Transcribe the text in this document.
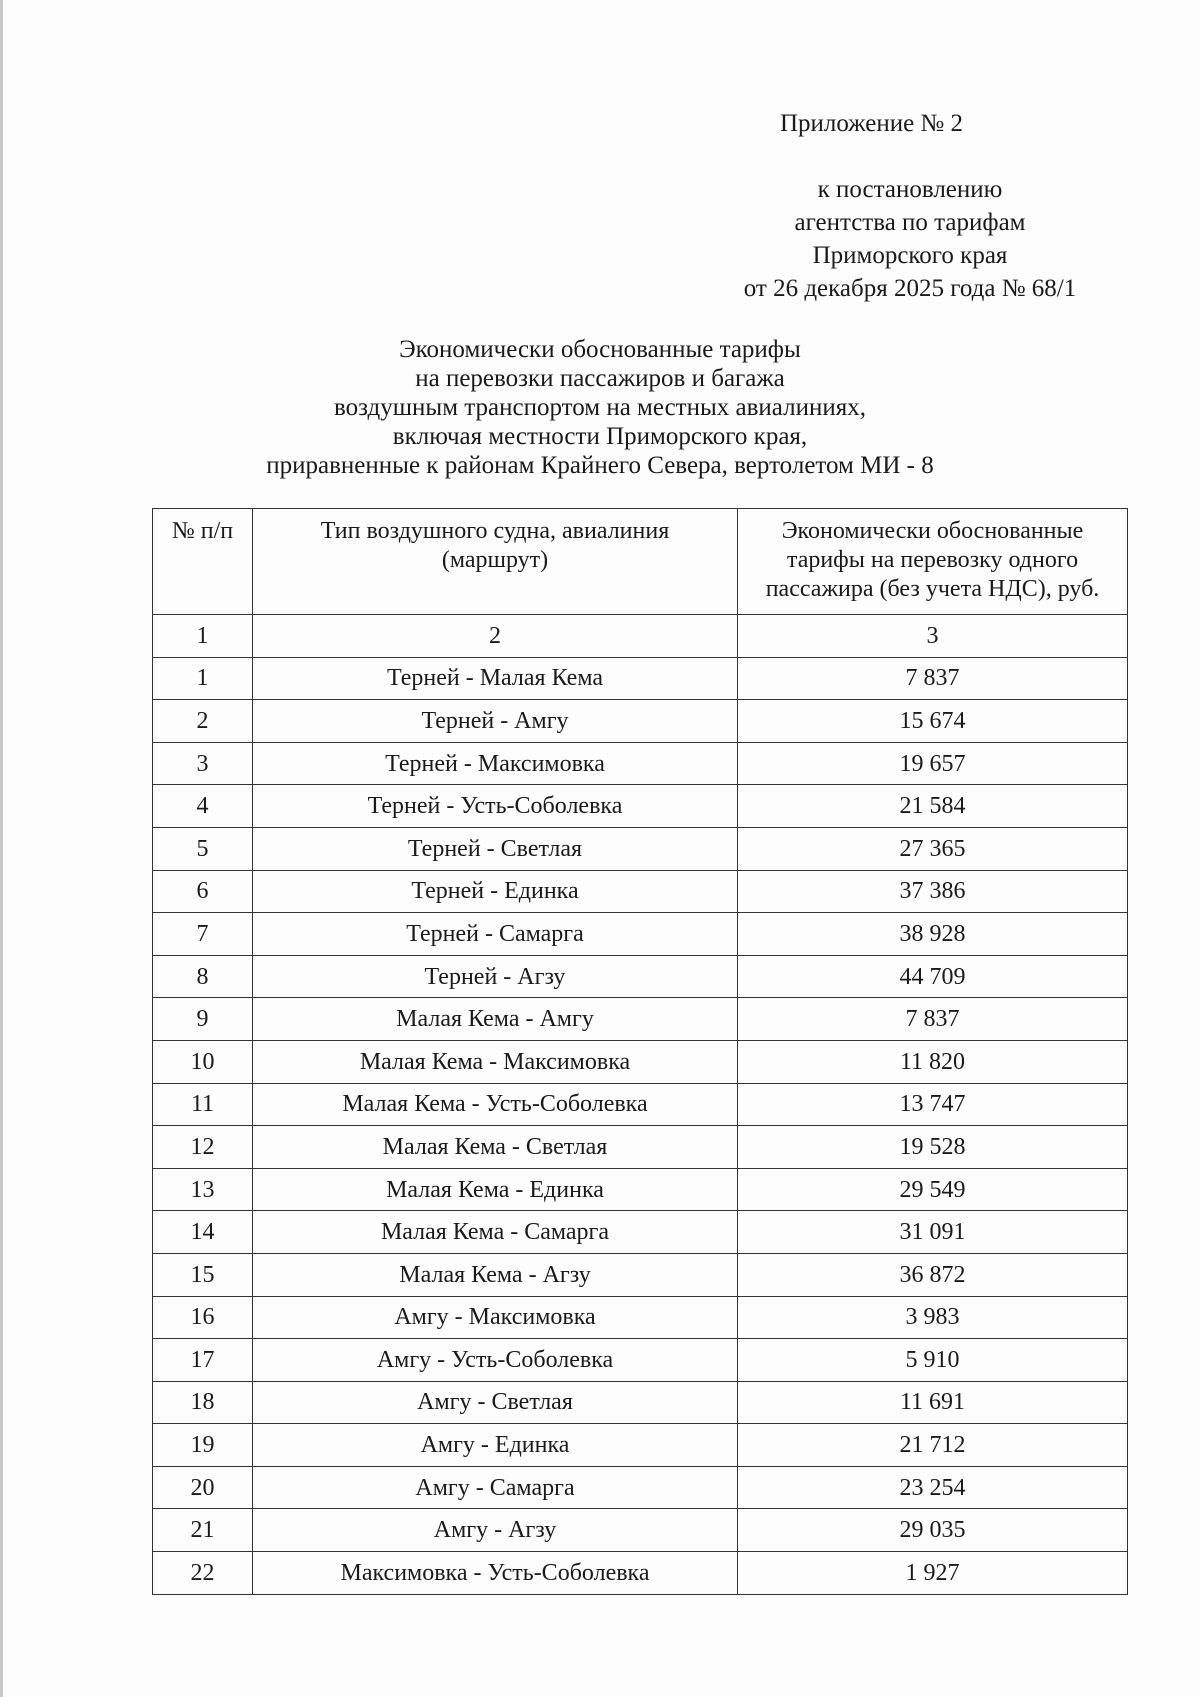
Приложение № 2
к постановлению
агентства по тарифам
Приморского края
от 26 декабря 2025 года № 68/1
Экономически обоснованные тарифы
на перевозки пассажиров и багажа
воздушным транспортом на местных авиалиниях,
включая местности Приморского края,
приравненные к районам Крайнего Севера, вертолетом МИ - 8
№ п/п	Тип воздушного судна, авиалиния (маршрут)	Экономически обоснованные тарифы на перевозку одного пассажира (без учета НДС), руб.
1	2	3
1	Терней - Малая Кема	7 837
2	Терней - Амгу	15 674
3	Терней - Максимовка	19 657
4	Терней - Усть-Соболевка	21 584
5	Терней - Светлая	27 365
6	Терней - Единка	37 386
7	Терней - Самарга	38 928
8	Терней - Агзу	44 709
9	Малая Кема - Амгу	7 837
10	Малая Кема - Максимовка	11 820
11	Малая Кема - Усть-Соболевка	13 747
12	Малая Кема - Светлая	19 528
13	Малая Кема - Единка	29 549
14	Малая Кема - Самарга	31 091
15	Малая Кема - Агзу	36 872
16	Амгу - Максимовка	3 983
17	Амгу - Усть-Соболевка	5 910
18	Амгу - Светлая	11 691
19	Амгу - Единка	21 712
20	Амгу - Самарга	23 254
21	Амгу - Агзу	29 035
22	Максимовка - Усть-Соболевка	1 927
